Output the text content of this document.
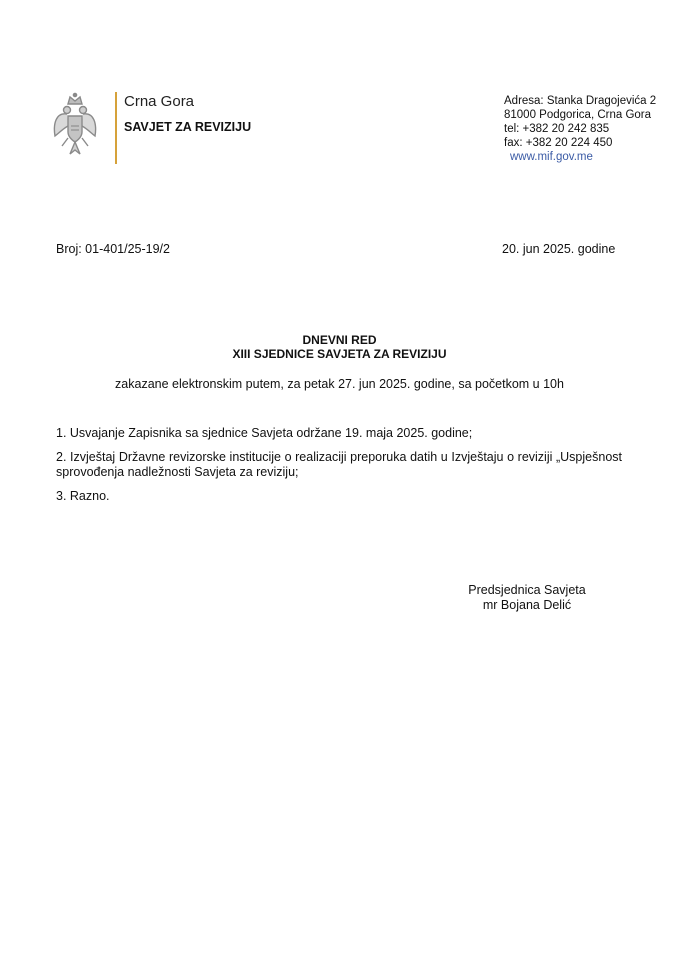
Crna Gora
SAVJET ZA REVIZIJU
Adresa: Stanka Dragojevića 2
81000 Podgorica, Crna Gora
tel: +382 20 242 835
fax: +382 20 224 450
www.mif.gov.me
Broj: 01-401/25-19/2	20. jun 2025. godine
DNEVNI RED
XIII SJEDNICE SAVJETA ZA REVIZIJU
zakazane elektronskim putem, za petak 27. jun 2025. godine, sa početkom u 10h
1. Usvajanje Zapisnika sa sjednice Savjeta održane 19. maja 2025. godine;
2. Izvještaj Državne revizorske institucije o realizaciji preporuka datih u Izvještaju o reviziji „Uspješnost sprovođenja nadležnosti Savjeta za reviziju;
3. Razno.
Predsjednica Savjeta
mr Bojana Delić
